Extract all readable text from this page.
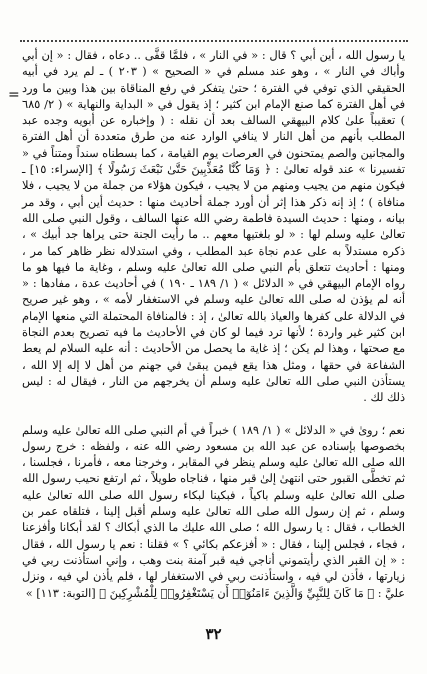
=

يا رسول الله ، أين أبي ؟ قال : « في النار » ، فلمَّا قفَّى .. دعاه ، فقال : « إن أبي وأباك في النار » ، وهو عند مسلم في « الصحيح » ( ٢٠٣ ) ـ لم يرد في أبيه الحقيقي الذي توفي في الفترة ؛ حتىٰ يتفكر في رفع المناقاة بين هذا وبين ما ورد في أهل الفترة كما صنع الإمام ابن كثير ؛ إذ يقول في « البداية والنهاية » ( ٢/ ٦٨٥ ) تعقيباً علىٰ كلام البيهقي السالف بعد أن نقله : ( وإخباره عن أبويه وجده عبد المطلب بأنهم من أهل النار لا ينافي الوارد عنه من طرق متعددة أن أهل الفترة والمجانين والصم يمتحنون في العرصات يوم القيامة ، كما بسطناه سنداً ومتناً في « تفسيرنا » عند قوله تعالىٰ : ﴿ وَمَا كُنَّا مُعَذِّبِينَ حَتَّىٰ نَبْعَثَ رَسُولًا ﴾ [الإسراء: ١٥] ـ فيكون منهم من يجيب ومنهم من لا يجيب ، فيكون هؤلاء من جملة من لا يجيب ، فلا منافاة ) ؛ إذ إنه ذكر هذا إثر أن أورد جملة أحاديث منها : حديث أين أبي ، وقد مر بيانه ، ومنها : حديث السيدة فاطمة رضي الله عنها السالف ، وقول النبي صلى الله تعالىٰ عليه وسلم لها : « لو بلغتيها معهم .. ما رأيت الجنة حتى يراها جد أبيك » ، ذكره مستدلاً به على عدم نجاة عبد المطلب ، وفي استدلاله نظر ظاهر كما مر ، ومنها : أحاديث تتعلق بأم النبي صلى الله تعالىٰ عليه وسلم ، وغاية ما فيها هو ما رواه الإمام البيهقي في « الدلائل » ( ١/ ١٨٩ ـ ١٩٠ ) في أحاديث عدة ، مفادها : « أنه لم يؤذن له صلى الله تعالىٰ عليه وسلم في الاستغفار لأمه » ، وهو غير صريح في الدلالة على كفرها والعياذ بالله تعالىٰ ، إذ : فالمنافاة المحتملة التي منعها الإمام ابن كثير غير واردة ؛ لأنها ترد فيما لو كان في الأحاديث ما فيه تصريح بعدم النجاة مع صحتها ، وهذا لم يكن ؛ إذ غاية ما يحصل من الأحاديث : أنه عليه السلام لم يعط الشفاعة في حقها ، ومثل هذا يقع فيمن يبقىٰ في جهنم من أهل لا إله إلا الله ، يستأذن النبي صلى الله تعالىٰ عليه وسلم أن يخرجهم من النار ، فيقال له : ليس ذلك لك .

نعم ؛ روىٰ في « الدلائل » ( ١/ ١٨٩ ) خبراً في أم النبي صلى الله تعالىٰ عليه وسلم بخصوصها بإسناده عن عبد الله بن مسعود رضي الله عنه ، ولفظه : خرج رسول الله صلى الله تعالىٰ عليه وسلم ينظر في المقابر ، وخرجنا معه ، فأمرنا ، فجلسنا ، ثم تخطَّى القبور حتى انتهىٰ إلىٰ قبر منها ، فناجاه طويلاً ، ثم ارتفع نحيب رسول الله صلى الله تعالىٰ عليه وسلم باكياً ، فبكينا لبكاء رسول الله صلى الله تعالىٰ عليه وسلم ، ثم إن رسول الله صلى الله تعالىٰ عليه وسلم أقبل إلينا ، فتلقاه عمر بن الخطاب ، فقال : يا رسول الله ؛ صلى الله عليك ما الذي أبكاك ؟ لقد أبكانا وأفزعنا ، فجاء ، فجلس إلينا ، فقال : « أفزعكم بكائي ؟ » فقلنا : نعم يا رسول الله ، فقال : « إن القبر الذي رأيتموني أناجي فيه قبر آمنة بنت وهب ، وإني استأذنت ربي في زيارتها ، فأذن لي فيه ، واستأذنت ربي في الاستغفار لها ، فلم يأذن لي فيه ، ونزل عليَّ : ﴿ مَا كَانَ لِلنَّبِيِّ وَالَّذِينَ ءَامَنُوٓا۟ أَن يَسْتَغْفِرُوا۟ لِلْمُشْرِكِينَ ﴾ [التوبة: ١١٣] »

٣٢
